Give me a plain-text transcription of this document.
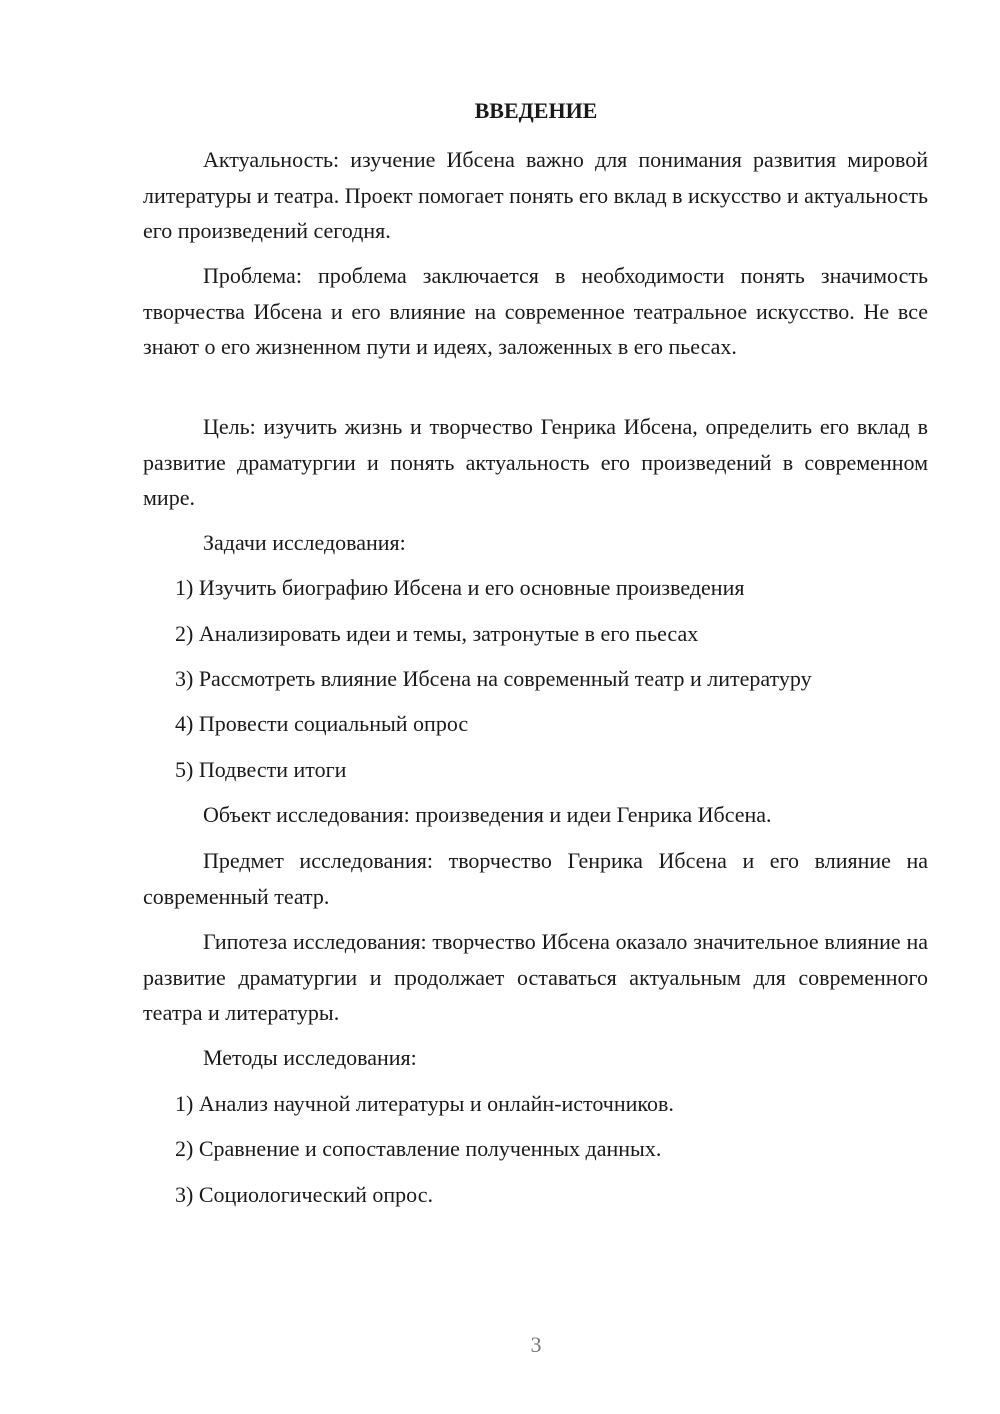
ВВЕДЕНИЕ

Актуальность: изучение Ибсена важно для понимания развития мировой литературы и театра. Проект помогает понять его вклад в искусство и актуальность его произведений сегодня.

Проблема: проблема заключается в необходимости понять значимость творчества Ибсена и его влияние на современное театральное искусство. Не все знают о его жизненном пути и идеях, заложенных в его пьесах.

Цель: изучить жизнь и творчество Генрика Ибсена, определить его вклад в развитие драматургии и понять актуальность его произведений в современном мире.

Задачи исследования:

1) Изучить биографию Ибсена и его основные произведения

2) Анализировать идеи и темы, затронутые в его пьесах

3) Рассмотреть влияние Ибсена на современный театр и литературу

4) Провести социальный опрос

5) Подвести итоги

Объект исследования: произведения и идеи Генрика Ибсена.

Предмет исследования: творчество Генрика Ибсена и его влияние на современный театр.

Гипотеза исследования: творчество Ибсена оказало значительное влияние на развитие драматургии и продолжает оставаться актуальным для современного театра и литературы.

Методы исследования:

1) Анализ научной литературы и онлайн-источников.

2) Сравнение и сопоставление полученных данных.

3) Социологический опрос.

3
